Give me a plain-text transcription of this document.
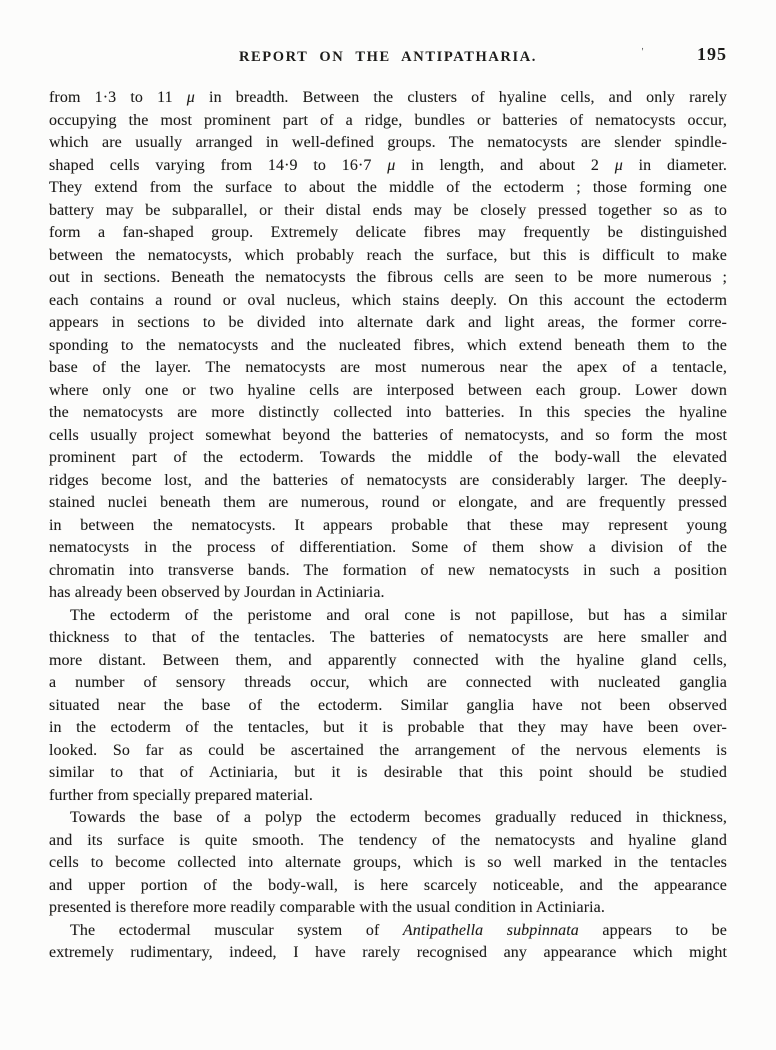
'
REPORT ON THE ANTIPATHARIA.	195
from 1·3 to 11 μ in breadth. Between the clusters of hyaline cells, and only rarely
occupying the most prominent part of a ridge, bundles or batteries of nematocysts occur,
which are usually arranged in well-defined groups. The nematocysts are slender spindle-
shaped cells varying from 14·9 to 16·7 μ in length, and about 2 μ in diameter.
They extend from the surface to about the middle of the ectoderm ; those forming one
battery may be subparallel, or their distal ends may be closely pressed together so as to
form a fan-shaped group. Extremely delicate fibres may frequently be distinguished
between the nematocysts, which probably reach the surface, but this is difficult to make
out in sections. Beneath the nematocysts the fibrous cells are seen to be more numerous ;
each contains a round or oval nucleus, which stains deeply. On this account the ectoderm
appears in sections to be divided into alternate dark and light areas, the former corre-
sponding to the nematocysts and the nucleated fibres, which extend beneath them to the
base of the layer. The nematocysts are most numerous near the apex of a tentacle,
where only one or two hyaline cells are interposed between each group. Lower down
the nematocysts are more distinctly collected into batteries. In this species the hyaline
cells usually project somewhat beyond the batteries of nematocysts, and so form the most
prominent part of the ectoderm. Towards the middle of the body-wall the elevated
ridges become lost, and the batteries of nematocysts are considerably larger. The deeply-
stained nuclei beneath them are numerous, round or elongate, and are frequently pressed
in between the nematocysts. It appears probable that these may represent young
nematocysts in the process of differentiation. Some of them show a division of the
chromatin into transverse bands. The formation of new nematocysts in such a position
has already been observed by Jourdan in Actiniaria.
The ectoderm of the peristome and oral cone is not papillose, but has a similar
thickness to that of the tentacles. The batteries of nematocysts are here smaller and
more distant. Between them, and apparently connected with the hyaline gland cells,
a number of sensory threads occur, which are connected with nucleated ganglia
situated near the base of the ectoderm. Similar ganglia have not been observed
in the ectoderm of the tentacles, but it is probable that they may have been over-
looked. So far as could be ascertained the arrangement of the nervous elements is
similar to that of Actiniaria, but it is desirable that this point should be studied
further from specially prepared material.
Towards the base of a polyp the ectoderm becomes gradually reduced in thickness,
and its surface is quite smooth. The tendency of the nematocysts and hyaline gland
cells to become collected into alternate groups, which is so well marked in the tentacles
and upper portion of the body-wall, is here scarcely noticeable, and the appearance
presented is therefore more readily comparable with the usual condition in Actiniaria.
The ectodermal muscular system of Antipathella subpinnata appears to be
extremely rudimentary, indeed, I have rarely recognised any appearance which might
